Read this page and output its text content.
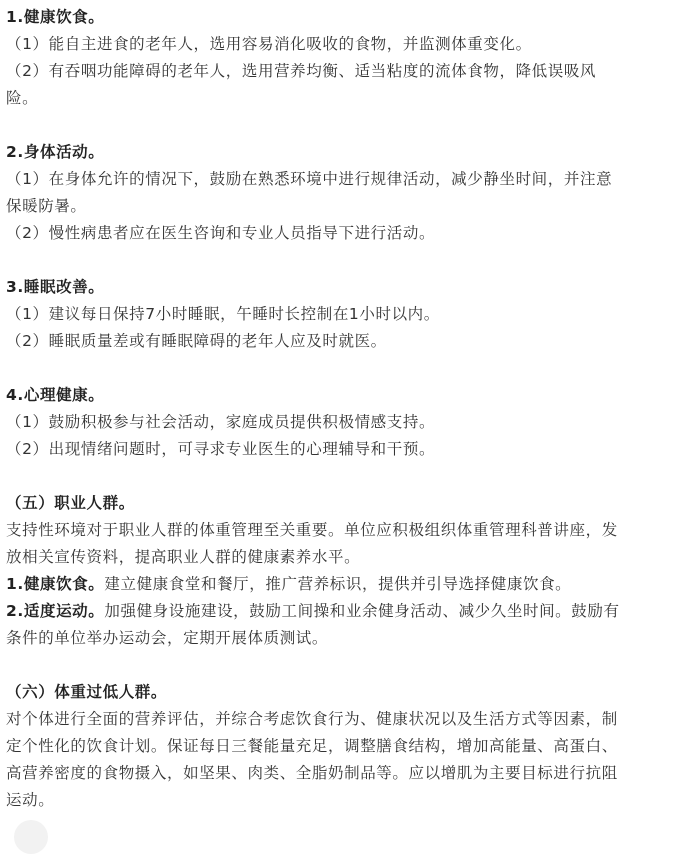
1.健康饮食。
（1）能自主进食的老年人，选用容易消化吸收的食物，并监测体重变化。
（2）有吞咽功能障碍的老年人，选用营养均衡、适当粘度的流体食物，降低误吸风
险。
2.身体活动。
（1）在身体允许的情况下，鼓励在熟悉环境中进行规律活动，减少静坐时间，并注意
保暖防暑。
（2）慢性病患者应在医生咨询和专业人员指导下进行活动。
3.睡眠改善。
（1）建议每日保持7小时睡眠，午睡时长控制在1小时以内。
（2）睡眠质量差或有睡眠障碍的老年人应及时就医。
4.心理健康。
（1）鼓励积极参与社会活动，家庭成员提供积极情感支持。
（2）出现情绪问题时，可寻求专业医生的心理辅导和干预。
（五）职业人群。
支持性环境对于职业人群的体重管理至关重要。单位应积极组织体重管理科普讲座，发
放相关宣传资料，提高职业人群的健康素养水平。
1.健康饮食。建立健康食堂和餐厅，推广营养标识，提供并引导选择健康饮食。
2.适度运动。加强健身设施建设，鼓励工间操和业余健身活动、减少久坐时间。鼓励有
条件的单位举办运动会，定期开展体质测试。
（六）体重过低人群。
对个体进行全面的营养评估，并综合考虑饮食行为、健康状况以及生活方式等因素，制
定个性化的饮食计划。保证每日三餐能量充足，调整膳食结构，增加高能量、高蛋白、
高营养密度的食物摄入，如坚果、肉类、全脂奶制品等。应以增肌为主要目标进行抗阻
运动。
